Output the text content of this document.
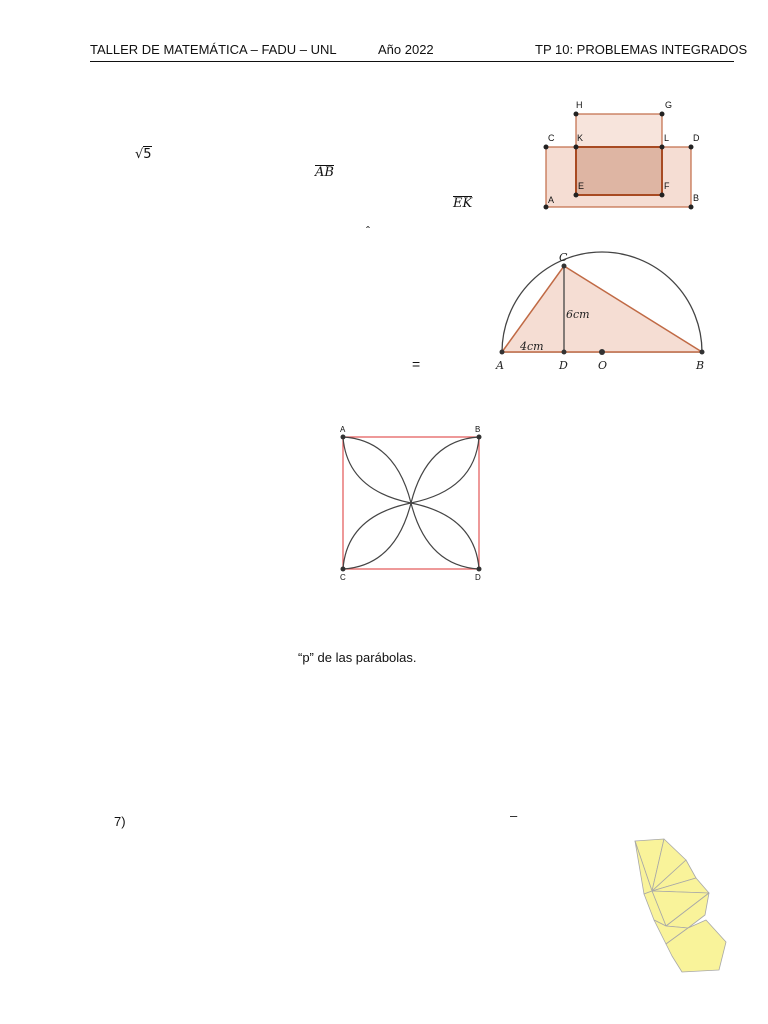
TALLER DE MATEMÁTICA – FADU – UNL	Año 2022	TP 10: PROBLEMAS INTEGRADOS
√5
AB
EK
ˆ
=
“p” de las parábolas.
7)	–
H	G
C	K	L	D
E	F
A	B
C
6cm
4cm
A	D	O	B
A	B
C	D
